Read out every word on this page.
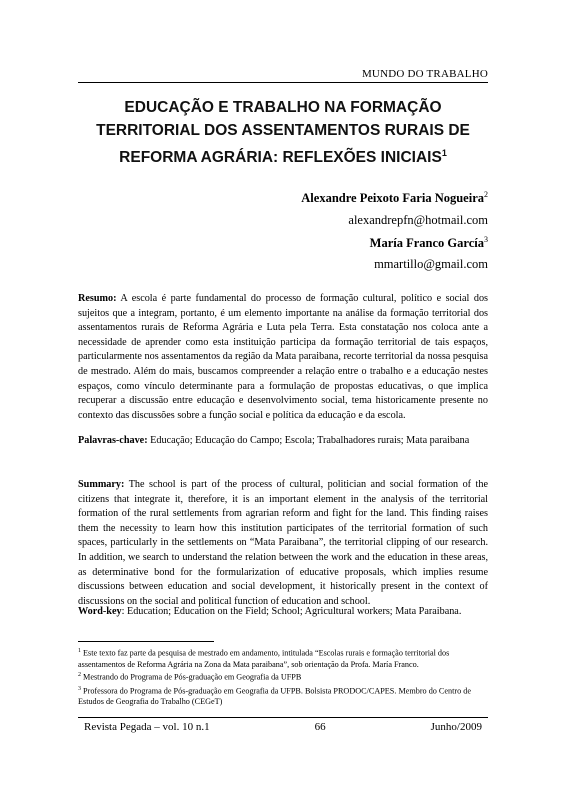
MUNDO DO TRABALHO
EDUCAÇÃO E TRABALHO NA FORMAÇÃO TERRITORIAL DOS ASSENTAMENTOS RURAIS DE REFORMA AGRÁRIA: REFLEXÕES INICIAIS$^1$
Alexandre Peixoto Faria Nogueira$^2$
alexandrepfn@hotmail.com
María Franco García$^3$
mmartillo@gmail.com
Resumo: A escola é parte fundamental do processo de formação cultural, político e social dos sujeitos que a integram, portanto, é um elemento importante na análise da formação territorial dos assentamentos rurais de Reforma Agrária e Luta pela Terra. Esta constatação nos coloca ante a necessidade de aprender como esta instituição participa da formação territorial de tais espaços, particularmente nos assentamentos da região da Mata paraibana, recorte territorial da nossa pesquisa de mestrado. Além do mais, buscamos compreender a relação entre o trabalho e a educação nestes espaços, como vínculo determinante para a formulação de propostas educativas, o que implica recuperar a discussão entre educação e desenvolvimento social, tema historicamente presente no contexto das discussões sobre a função social e política da educação e da escola.
Palavras-chave: Educação; Educação do Campo; Escola; Trabalhadores rurais; Mata paraibana
Summary: The school is part of the process of cultural, politician and social formation of the citizens that integrate it, therefore, it is an important element in the analysis of the territorial formation of the rural settlements from agrarian reform and fight for the land. This finding raises them the necessity to learn how this institution participates of the territorial formation of such spaces, particularly in the settlements on “Mata Paraibana”, the territorial clipping of our research. In addition, we search to understand the relation between the work and the education in these areas, as determinative bond for the formularization of educative proposals, which implies resume discussions between education and social development, it historically present in the context of discussions on the social and political function of education and school.
Word-key: Education; Education on the Field; School; Agricultural workers; Mata Paraibana.

$^1$ Este texto faz parte da pesquisa de mestrado em andamento, intitulada “Escolas rurais e formação territorial dos assentamentos de Reforma Agrária na Zona da Mata paraibana”, sob orientação da Profa. María Franco.

$^2$ Mestrando do Programa de Pós-graduação em Geografia da UFPB

$^3$ Professora do Programa de Pós-graduação em Geografia da UFPB. Bolsista PRODOC/CAPES. Membro do Centro de Estudos de Geografia do Trabalho (CEGeT)

Revista Pegada – vol. 10 n.1	66	Junho/2009
